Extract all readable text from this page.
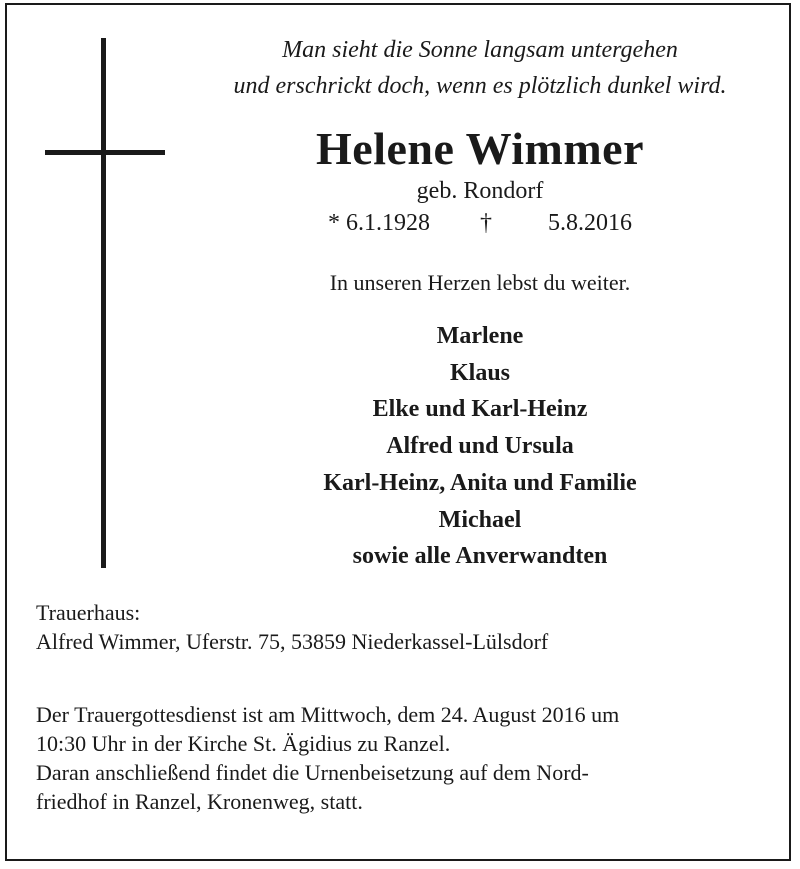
Man sieht die Sonne langsam untergehen
und erschrickt doch, wenn es plötzlich dunkel wird.
Helene Wimmer
geb. Rondorf
* 6.1.1928 † 5.8.2016
In unseren Herzen lebst du weiter.
Marlene
Klaus
Elke und Karl-Heinz
Alfred und Ursula
Karl-Heinz, Anita und Familie
Michael
sowie alle Anverwandten
Trauerhaus:
Alfred Wimmer, Uferstr. 75, 53859 Niederkassel-Lülsdorf
Der Trauergottesdienst ist am Mittwoch, dem 24. August 2016 um
10:30 Uhr in der Kirche St. Ägidius zu Ranzel.
Daran anschließend findet die Urnenbeisetzung auf dem Nord-
friedhof in Ranzel, Kronenweg, statt.
